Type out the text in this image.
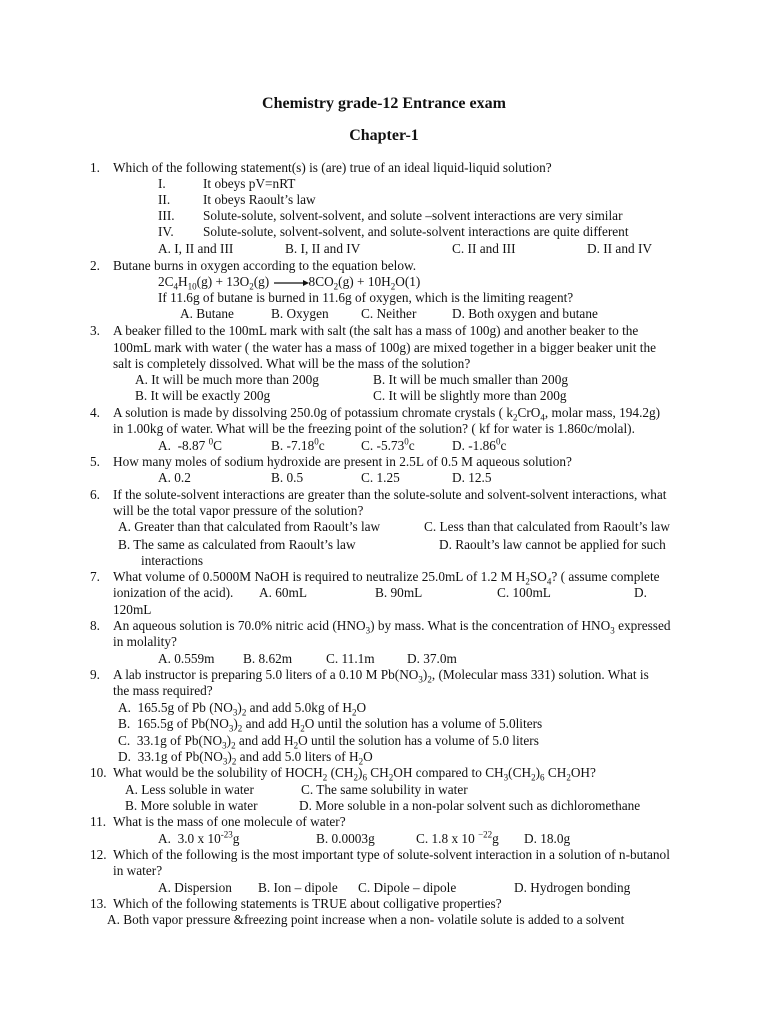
Chemistry grade-12 Entrance exam
Chapter-1
1. Which of the following statement(s) is (are) true of an ideal liquid-liquid solution?
I.	It obeys pV=nRT
II. It obeys Raoult’s law
III. Solute-solute, solvent-solvent, and solute –solvent interactions are very similar
IV. Solute-solute, solvent-solvent, and solute-solvent interactions are quite different
A. I, II and III	B. I, II and IV	C. II and III	D. II and IV
2. Butane burns in oxygen according to the equation below.
$2C_4H_{10}(g) + 13O_2(g) \to 8CO_2(g) + 10H_2O(1)$
If 11.6g of butane is burned in 11.6g of oxygen, which is the limiting reagent?
A. Butane	B. Oxygen C. Neither	D. Both oxygen and butane
3. A beaker filled to the 100mL mark with salt (the salt has a mass of 100g) and another beaker to the
100mL mark with water ( the water has a mass of 100g) are mixed together in a bigger beaker unit the
salt is completely dissolved. What will be the mass of the solution?
A. It will be much more than 200g	B. It will be much smaller than 200g
B. It will be exactly 200g	C. It will be slightly more than 200g
4. A solution is made by dissolving 250.0g of potassium chromate crystals ( $k_2CrO_4$, molar mass, 194.2g)
in 1.00kg of water. What will be the freezing point of the solution? ( kf for water is 1.860c/molal).
A.  -8.87 $^0$C	B. -7.18$^0$c	C. -5.73$^0$c	D. -1.86$^0$c
5. How many moles of sodium hydroxide are present in 2.5L of 0.5 M aqueous solution?
A. 0.2	B. 0.5	C. 1.25	D. 12.5
6. If the solute-solvent interactions are greater than the solute-solute and solvent-solvent interactions, what
will be the total vapor pressure of the solution?
A. Greater than that calculated from Raoult’s law	C. Less than that calculated from Raoult’s law
B. The same as calculated from Raoult’s law	D. Raoult’s law cannot be applied for such
interactions
7. What volume of 0.5000M NaOH is required to neutralize 25.0mL of 1.2 M $H_2SO_4$? ( assume complete
ionization of the acid). A. 60mL	B. 90mL	C. 100mL	D.
120mL
8. An aqueous solution is 70.0% nitric acid $(HNO_3)$ by mass. What is the concentration of $HNO_3$ expressed
in molality?
A. 0.559m B. 8.62m	C. 11.1m D. 37.0m
9. A lab instructor is preparing 5.0 liters of a 0.10 M $Pb(NO_3)_2$, (Molecular mass 331) solution. What is
the mass required?
A.  165.5g of Pb $(NO_3)_2$ and add 5.0kg of $H_2O$
B.  165.5g of $Pb(NO_3)_2$ and add $H_2O$ until the solution has a volume of 5.0liters
C.  33.1g of $Pb(NO_3)_2$ and add $H_2O$ until the solution has a volume of 5.0 liters
D.  33.1g of $Pb(NO_3)_2$ and add 5.0 liters of $H_2O$
10. What would be the solubility of $HOCH_2$ $(CH_2)_6$ $CH_2OH$ compared to $CH_3(CH_2)_6$ $CH_2OH$?
A. Less soluble in water	C. The same solubility in water
B. More soluble in water	D. More soluble in a non-polar solvent such as dichloromethane
11. What is the mass of one molecule of water?
A.  3.0 x $10^{-23}g$	B. 0.0003g	C. 1.8 x 10 $^{-22}$g D. 18.0g
12. Which of the following is the most important type of solute-solvent interaction in a solution of n-butanol
in water?
A. Dispersion B. Ion – dipole C. Dipole – dipole	D. Hydrogen bonding
13. Which of the following statements is TRUE about colligative properties?
A. Both vapor pressure &freezing point increase when a non- volatile solute is added to a solvent
